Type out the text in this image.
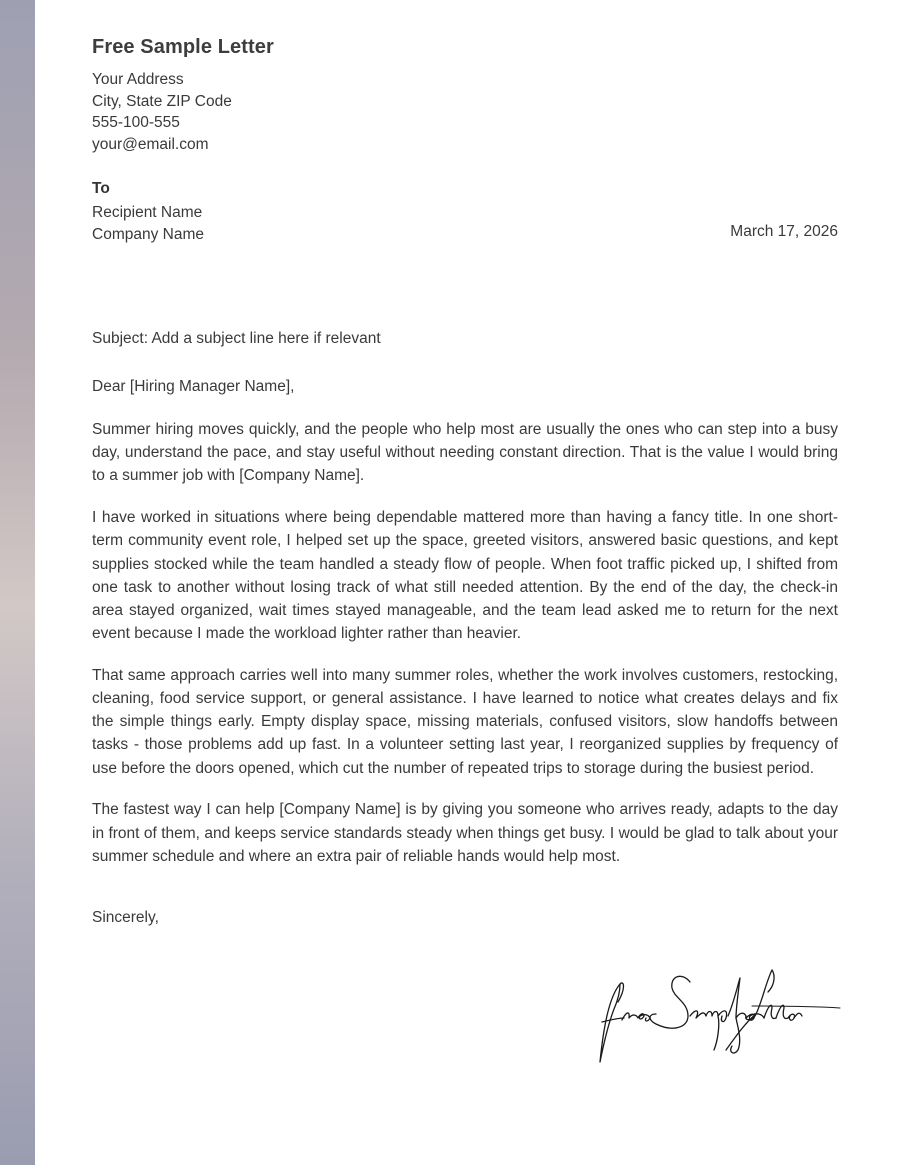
Free Sample Letter
Your Address
City, State ZIP Code
555-100-555
your@email.com
To
Recipient Name
Company Name	March 17, 2026
Subject: Add a subject line here if relevant
Dear [Hiring Manager Name],

Summer hiring moves quickly, and the people who help most are usually the ones who can step into a busy day, understand the pace, and stay useful without needing constant direction. That is the value I would bring to a summer job with [Company Name].

I have worked in situations where being dependable mattered more than having a fancy title. In one short-term community event role, I helped set up the space, greeted visitors, answered basic questions, and kept supplies stocked while the team handled a steady flow of people. When foot traffic picked up, I shifted from one task to another without losing track of what still needed attention. By the end of the day, the check-in area stayed organized, wait times stayed manageable, and the team lead asked me to return for the next event because I made the workload lighter rather than heavier.

That same approach carries well into many summer roles, whether the work involves customers, restocking, cleaning, food service support, or general assistance. I have learned to notice what creates delays and fix the simple things early. Empty display space, missing materials, confused visitors, slow handoffs between tasks - those problems add up fast. In a volunteer setting last year, I reorganized supplies by frequency of use before the doors opened, which cut the number of repeated trips to storage during the busiest period.

The fastest way I can help [Company Name] is by giving you someone who arrives ready, adapts to the day in front of them, and keeps service standards steady when things get busy. I would be glad to talk about your summer schedule and where an extra pair of reliable hands would help most.

Sincerely,
